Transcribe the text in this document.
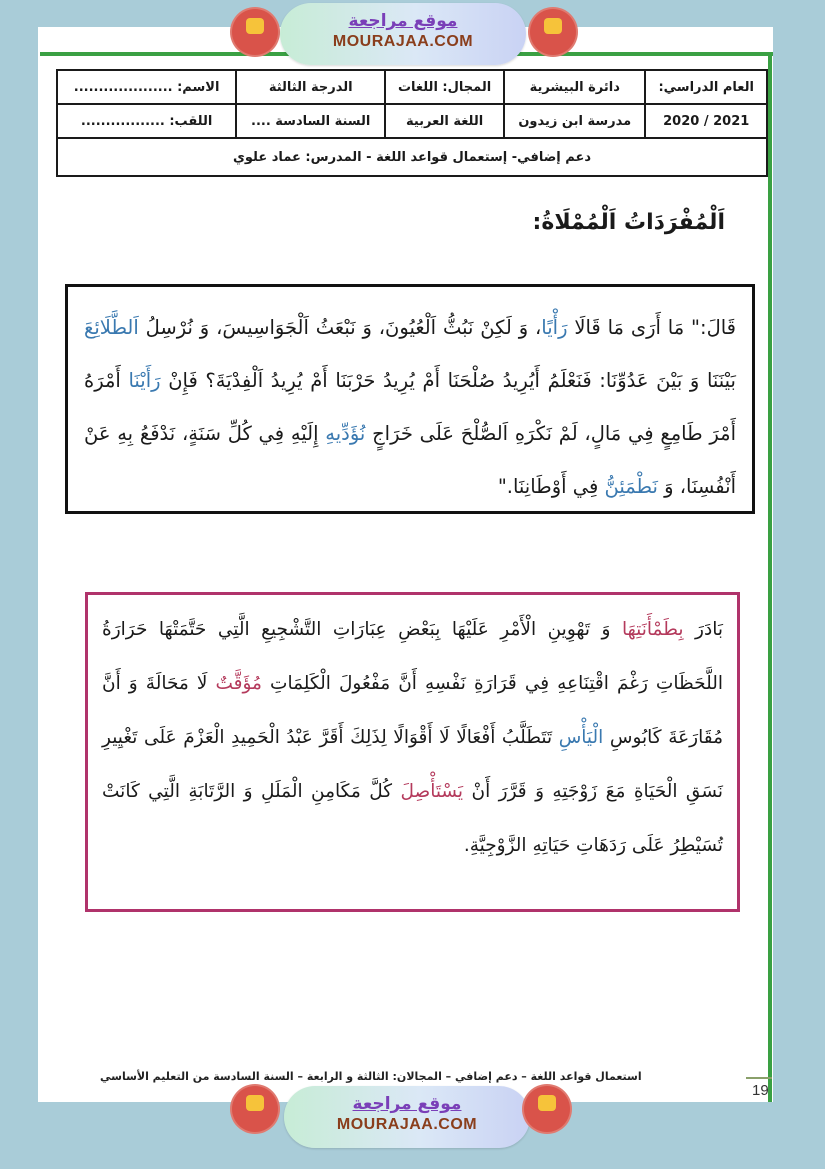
موقع مراجعة
MOURAJAA.COM
العام الدراسي:	دائرة البيشرية	المجال: اللغات	الدرجة الثالثة	الاسم: ....................
2021 / 2020	مدرسة ابن زيدون	اللغة العربية	السنة السادسة ....	اللقب: .................
دعم إضافي- إستعمال قواعد اللغة - المدرس: عماد علوي				
اَلْمُفْرَدَاتُ اَلْمُمْلَاةُ:
قَالَ:" مَا أَرَى مَا قَالَا رَأْيًا، وَ لَكِنْ نَبُثُّ اَلْعُيُونَ، وَ نَبْعَثُ اَلْجَوَاسِيسَ، وَ نُرْسِلُ اَلطَّلَائِعَ بَيْنَنَا وَ بَيْنَ عَدُوِّنَا: فَنَعْلَمُ أَيُرِيدُ صُلْحَنَا أَمْ يُرِيدُ حَرْبَنَا أَمْ يُرِيدُ اَلْفِدْيَةَ؟ فَإِنْ رَأَيْنَا أَمْرَهُ أَمْرَ طَامِعٍ فِي مَالٍ، لَمْ نَكْرَهِ اَلصُّلْحَ عَلَى خَرَاجٍ نُؤَدِّيهِ إِلَيْهِ فِي كُلِّ سَنَةٍ، نَدْفَعُ بِهِ عَنْ أَنْفُسِنَا، وَ نَطْمَئِنُّ فِي أَوْطَانِنَا."
بَادَرَ بِطَمْأَنَتِهَا وَ تَهْوِينِ الْأَمْرِ عَلَيْهَا بِبَعْضِ عِبَارَاتِ التَّشْجِيعِ الَّتِي حَتَّمَتْهَا حَرَارَةُ اللَّحَظَاتِ رَغْمَ اقْتِنَاعِهِ فِي قَرَارَةِ نَفْسِهِ أَنَّ مَفْعُولَ الْكَلِمَاتِ مُؤَقَّتٌ لَا مَحَالَةَ وَ أَنَّ مُقَارَعَةَ كَابُوسِ الْيَأْسِ تَتَطَلَّبُ أَفْعَالًا لَا أَقْوَالًا لِذَلِكَ أَقَرَّ عَبْدُ الْحَمِيدِ الْعَزْمَ عَلَى تَغْيِيرِ نَسَقِ الْحَيَاةِ مَعَ زَوْجَتِهِ وَ قَرَّرَ أَنْ يَسْتَأْصِلَ كُلَّ مَكَامِنِ الْمَلَلِ وَ الرَّتَابَةِ الَّتِي كَانَتْ تُسَيْطِرُ عَلَى رَدَهَاتِ حَيَاتِهِ الزَّوْجِيَّةِ.
استعمال قواعد اللغة – دعم إضافي – المجالان: الثالثة و الرابعة – السنة السادسة من التعليم الأساسي
19
موقع مراجعة
MOURAJAA.COM
